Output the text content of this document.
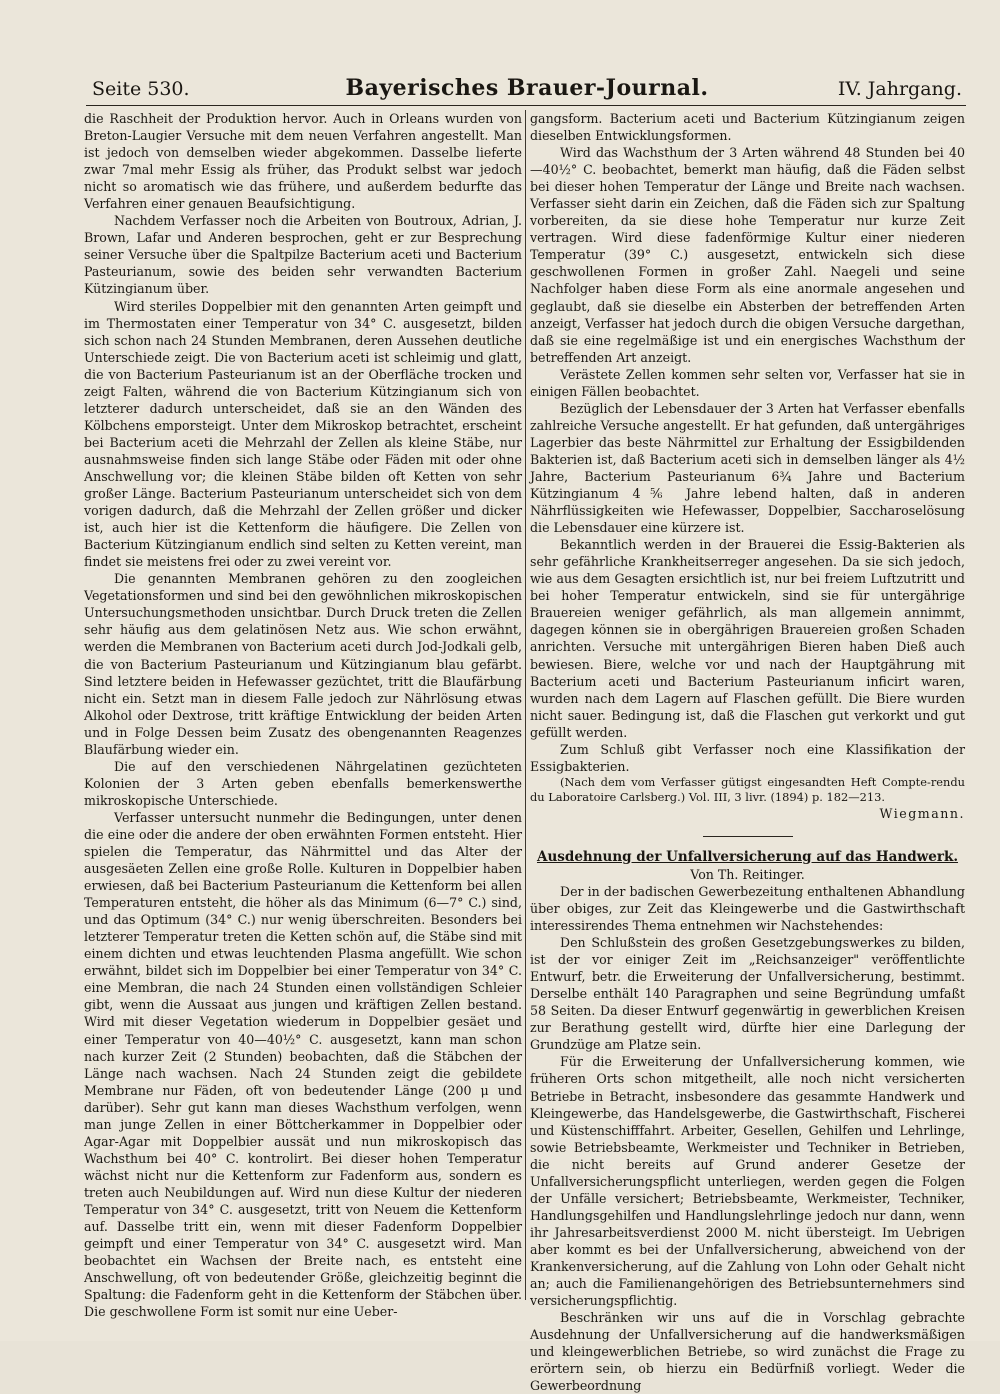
Seite 530.	Bayerisches Brauer-Journal.	IV. Jahrgang.

die Raschheit der Produktion hervor. Auch in Orleans wurden von Breton-Laugier Versuche mit dem neuen Verfahren angestellt. Man ist jedoch von demselben wieder abgekommen. Dasselbe lieferte zwar 7mal mehr Essig als früher, das Produkt selbst war jedoch nicht so aromatisch wie das frühere, und außerdem bedurfte das Verfahren einer genauen Beaufsichtigung.

Nachdem Verfasser noch die Arbeiten von Boutroux, Adrian, J. Brown, Lafar und Anderen besprochen, geht er zur Besprechung seiner Versuche über die Spaltpilze Bacterium aceti und Bacterium Pasteurianum, sowie des beiden sehr verwandten Bacterium Kützingianum über.

Wird steriles Doppelbier mit den genannten Arten geimpft und im Thermostaten einer Temperatur von 34° C. ausgesetzt, bilden sich schon nach 24 Stunden Membranen, deren Aussehen deutliche Unterschiede zeigt. Die von Bacterium aceti ist schleimig und glatt, die von Bacterium Pasteurianum ist an der Oberfläche trocken und zeigt Falten, während die von Bacterium Kützingianum sich von letzterer dadurch unterscheidet, daß sie an den Wänden des Kölbchens emporsteigt. Unter dem Mikroskop betrachtet, erscheint bei Bacterium aceti die Mehrzahl der Zellen als kleine Stäbe, nur ausnahmsweise finden sich lange Stäbe oder Fäden mit oder ohne Anschwellung vor; die kleinen Stäbe bilden oft Ketten von sehr großer Länge. Bacterium Pasteurianum unterscheidet sich von dem vorigen dadurch, daß die Mehrzahl der Zellen größer und dicker ist, auch hier ist die Kettenform die häufigere. Die Zellen von Bacterium Kützingianum endlich sind selten zu Ketten vereint, man findet sie meistens frei oder zu zwei vereint vor.

Die genannten Membranen gehören zu den zoogleichen Vegetationsformen und sind bei den gewöhnlichen mikroskopischen Untersuchungsmethoden unsichtbar. Durch Druck treten die Zellen sehr häufig aus dem gelatinösen Netz aus. Wie schon erwähnt, werden die Membranen von Bacterium aceti durch Jod-Jodkali gelb, die von Bacterium Pasteurianum und Kützingianum blau gefärbt. Sind letztere beiden in Hefewasser gezüchtet, tritt die Blaufärbung nicht ein. Setzt man in diesem Falle jedoch zur Nährlösung etwas Alkohol oder Dextrose, tritt kräftige Entwicklung der beiden Arten und in Folge Dessen beim Zusatz des obengenannten Reagenzes Blaufärbung wieder ein.

Die auf den verschiedenen Nährgelatinen gezüchteten Kolonien der 3 Arten geben ebenfalls bemerkenswerthe mikroskopische Unterschiede.

Verfasser untersucht nunmehr die Bedingungen, unter denen die eine oder die andere der oben erwähnten Formen entsteht. Hier spielen die Temperatur, das Nährmittel und das Alter der ausgesäeten Zellen eine große Rolle. Kulturen in Doppelbier haben erwiesen, daß bei Bacterium Pasteurianum die Kettenform bei allen Temperaturen entsteht, die höher als das Minimum (6—7° C.) sind, und das Optimum (34° C.) nur wenig überschreiten. Besonders bei letzterer Temperatur treten die Ketten schön auf, die Stäbe sind mit einem dichten und etwas leuchtenden Plasma angefüllt. Wie schon erwähnt, bildet sich im Doppelbier bei einer Temperatur von 34° C. eine Membran, die nach 24 Stunden einen vollständigen Schleier gibt, wenn die Aussaat aus jungen und kräftigen Zellen bestand. Wird mit dieser Vegetation wiederum in Doppelbier gesäet und einer Temperatur von 40—40½° C. ausgesetzt, kann man schon nach kurzer Zeit (2 Stunden) beobachten, daß die Stäbchen der Länge nach wachsen. Nach 24 Stunden zeigt die gebildete Membrane nur Fäden, oft von bedeutender Länge (200 μ und darüber). Sehr gut kann man dieses Wachsthum verfolgen, wenn man junge Zellen in einer Böttcherkammer in Doppelbier oder Agar-Agar mit Doppelbier aussät und nun mikroskopisch das Wachsthum bei 40° C. kontrolirt. Bei dieser hohen Temperatur wächst nicht nur die Kettenform zur Fadenform aus, sondern es treten auch Neubildungen auf. Wird nun diese Kultur der niederen Temperatur von 34° C. ausgesetzt, tritt von Neuem die Kettenform auf. Dasselbe tritt ein, wenn mit dieser Fadenform Doppelbier geimpft und einer Temperatur von 34° C. ausgesetzt wird. Man beobachtet ein Wachsen der Breite nach, es entsteht eine Anschwellung, oft von bedeutender Größe, gleichzeitig beginnt die Spaltung: die Fadenform geht in die Kettenform der Stäbchen über. Die geschwollene Form ist somit nur eine Ueber-

gangsform. Bacterium aceti und Bacterium Kützingianum zeigen dieselben Entwicklungsformen.

Wird das Wachsthum der 3 Arten während 48 Stunden bei 40—40½° C. beobachtet, bemerkt man häufig, daß die Fäden selbst bei dieser hohen Temperatur der Länge und Breite nach wachsen. Verfasser sieht darin ein Zeichen, daß die Fäden sich zur Spaltung vorbereiten, da sie diese hohe Temperatur nur kurze Zeit vertragen. Wird diese fadenförmige Kultur einer niederen Temperatur (39° C.) ausgesetzt, entwickeln sich diese geschwollenen Formen in großer Zahl. Naegeli und seine Nachfolger haben diese Form als eine anormale angesehen und geglaubt, daß sie dieselbe ein Absterben der betreffenden Arten anzeigt, Verfasser hat jedoch durch die obigen Versuche dargethan, daß sie eine regelmäßige ist und ein energisches Wachsthum der betreffenden Art anzeigt.

Verästete Zellen kommen sehr selten vor, Verfasser hat sie in einigen Fällen beobachtet.

Bezüglich der Lebensdauer der 3 Arten hat Verfasser ebenfalls zahlreiche Versuche angestellt. Er hat gefunden, daß untergähriges Lagerbier das beste Nährmittel zur Erhaltung der Essigbildenden Bakterien ist, daß Bacterium aceti sich in demselben länger als 4½ Jahre, Bacterium Pasteurianum 6¾ Jahre und Bacterium Kützingianum 4⅚ Jahre lebend halten, daß in anderen Nährflüssigkeiten wie Hefewasser, Doppelbier, Saccharoselösung die Lebensdauer eine kürzere ist.

Bekanntlich werden in der Brauerei die Essig-Bakterien als sehr gefährliche Krankheitserreger angesehen. Da sie sich jedoch, wie aus dem Gesagten ersichtlich ist, nur bei freiem Luftzutritt und bei hoher Temperatur entwickeln, sind sie für untergährige Brauereien weniger gefährlich, als man allgemein annimmt, dagegen können sie in obergährigen Brauereien großen Schaden anrichten. Versuche mit untergährigen Bieren haben Dieß auch bewiesen. Biere, welche vor und nach der Hauptgährung mit Bacterium aceti und Bacterium Pasteurianum inficirt waren, wurden nach dem Lagern auf Flaschen gefüllt. Die Biere wurden nicht sauer. Bedingung ist, daß die Flaschen gut verkorkt und gut gefüllt werden.

Zum Schluß gibt Verfasser noch eine Klassifikation der Essigbakterien.

(Nach dem vom Verfasser gütigst eingesandten Heft Compte-rendu du Laboratoire Carlsberg.) Vol. III, 3 livr. (1894) p. 182—213.

Wiegmann.

Ausdehnung der Unfallversicherung auf das Handwerk.

Von Th. Reitinger.

Der in der badischen Gewerbezeitung enthaltenen Abhandlung über obiges, zur Zeit das Kleingewerbe und die Gastwirthschaft interessirendes Thema entnehmen wir Nachstehendes:

Den Schlußstein des großen Gesetzgebungswerkes zu bilden, ist der vor einiger Zeit im „Reichsanzeiger" veröffentlichte Entwurf, betr. die Erweiterung der Unfallversicherung, bestimmt. Derselbe enthält 140 Paragraphen und seine Begründung umfaßt 58 Seiten. Da dieser Entwurf gegenwärtig in gewerblichen Kreisen zur Berathung gestellt wird, dürfte hier eine Darlegung der Grundzüge am Platze sein.

Für die Erweiterung der Unfallversicherung kommen, wie früheren Orts schon mitgetheilt, alle noch nicht versicherten Betriebe in Betracht, insbesondere das gesammte Handwerk und Kleingewerbe, das Handelsgewerbe, die Gastwirthschaft, Fischerei und Küstenschifffahrt. Arbeiter, Gesellen, Gehilfen und Lehrlinge, sowie Betriebsbeamte, Werkmeister und Techniker in Betrieben, die nicht bereits auf Grund anderer Gesetze der Unfallversicherungspflicht unterliegen, werden gegen die Folgen der Unfälle versichert; Betriebsbeamte, Werkmeister, Techniker, Handlungsgehilfen und Handlungslehrlinge jedoch nur dann, wenn ihr Jahresarbeitsverdienst 2000 M. nicht übersteigt. Im Uebrigen aber kommt es bei der Unfallversicherung, abweichend von der Krankenversicherung, auf die Zahlung von Lohn oder Gehalt nicht an; auch die Familienangehörigen des Betriebsunternehmers sind versicherungspflichtig.

Beschränken wir uns auf die in Vorschlag gebrachte Ausdehnung der Unfallversicherung auf die handwerksmäßigen und kleingewerblichen Betriebe, so wird zunächst die Frage zu erörtern sein, ob hierzu ein Bedürfniß vorliegt. Weder die Gewerbeordnung
